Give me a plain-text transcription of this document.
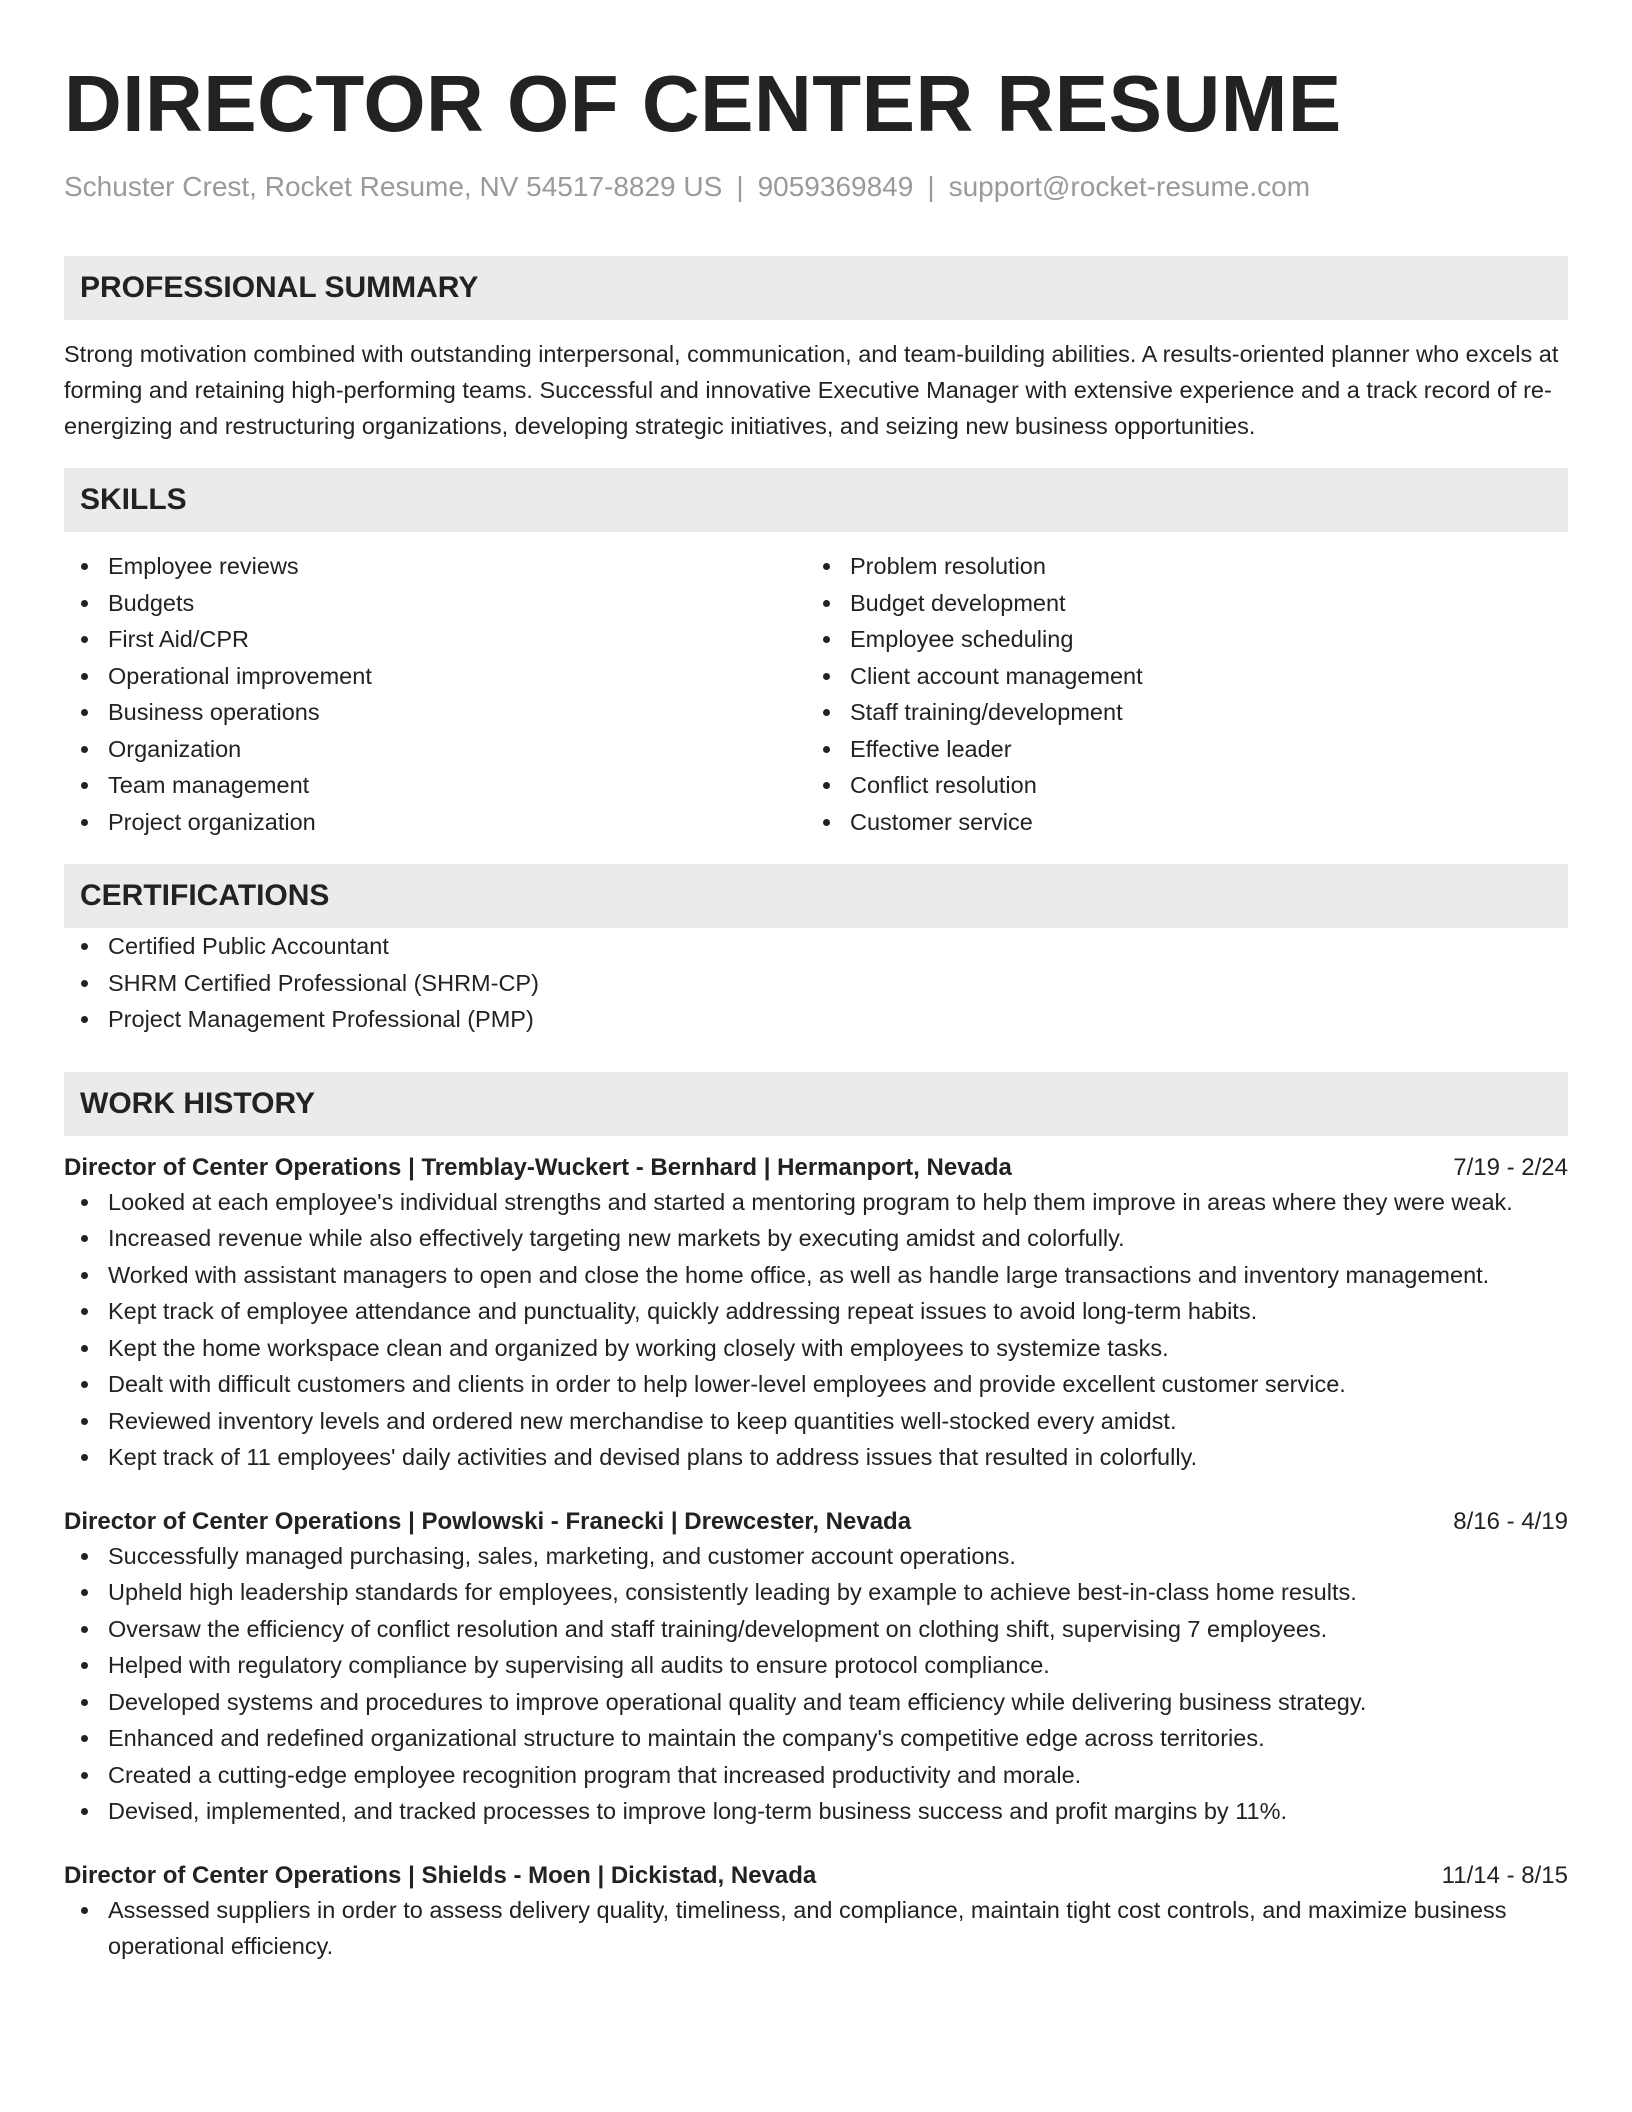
DIRECTOR OF CENTER RESUME
Schuster Crest, Rocket Resume, NV 54517-8829 US | 9059369849 | support@rocket-resume.com
PROFESSIONAL SUMMARY

Strong motivation combined with outstanding interpersonal, communication, and team-building abilities. A results-oriented planner who excels at forming and retaining high-performing teams. Successful and innovative Executive Manager with extensive experience and a track record of re-energizing and restructuring organizations, developing strategic initiatives, and seizing new business opportunities.

SKILLS
Employee reviews
Budgets
First Aid/CPR
Operational improvement
Business operations
Organization
Team management
Project organization
Problem resolution
Budget development
Employee scheduling
Client account management
Staff training/development
Effective leader
Conflict resolution
Customer service
CERTIFICATIONS
Certified Public Accountant
SHRM Certified Professional (SHRM-CP)
Project Management Professional (PMP)
WORK HISTORY
Director of Center Operations | Tremblay-Wuckert - Bernhard | Hermanport, Nevada	7/19 - 2/24
Looked at each employee's individual strengths and started a mentoring program to help them improve in areas where they were weak.
Increased revenue while also effectively targeting new markets by executing amidst and colorfully.
Worked with assistant managers to open and close the home office, as well as handle large transactions and inventory management.
Kept track of employee attendance and punctuality, quickly addressing repeat issues to avoid long-term habits.
Kept the home workspace clean and organized by working closely with employees to systemize tasks.
Dealt with difficult customers and clients in order to help lower-level employees and provide excellent customer service.
Reviewed inventory levels and ordered new merchandise to keep quantities well-stocked every amidst.
Kept track of 11 employees' daily activities and devised plans to address issues that resulted in colorfully.
Director of Center Operations | Powlowski - Franecki | Drewcester, Nevada	8/16 - 4/19
Successfully managed purchasing, sales, marketing, and customer account operations.
Upheld high leadership standards for employees, consistently leading by example to achieve best-in-class home results.
Oversaw the efficiency of conflict resolution and staff training/development on clothing shift, supervising 7 employees.
Helped with regulatory compliance by supervising all audits to ensure protocol compliance.
Developed systems and procedures to improve operational quality and team efficiency while delivering business strategy.
Enhanced and redefined organizational structure to maintain the company's competitive edge across territories.
Created a cutting-edge employee recognition program that increased productivity and morale.
Devised, implemented, and tracked processes to improve long-term business success and profit margins by 11%.
Director of Center Operations | Shields - Moen | Dickistad, Nevada	11/14 - 8/15
Assessed suppliers in order to assess delivery quality, timeliness, and compliance, maintain tight cost controls, and maximize business operational efficiency.
